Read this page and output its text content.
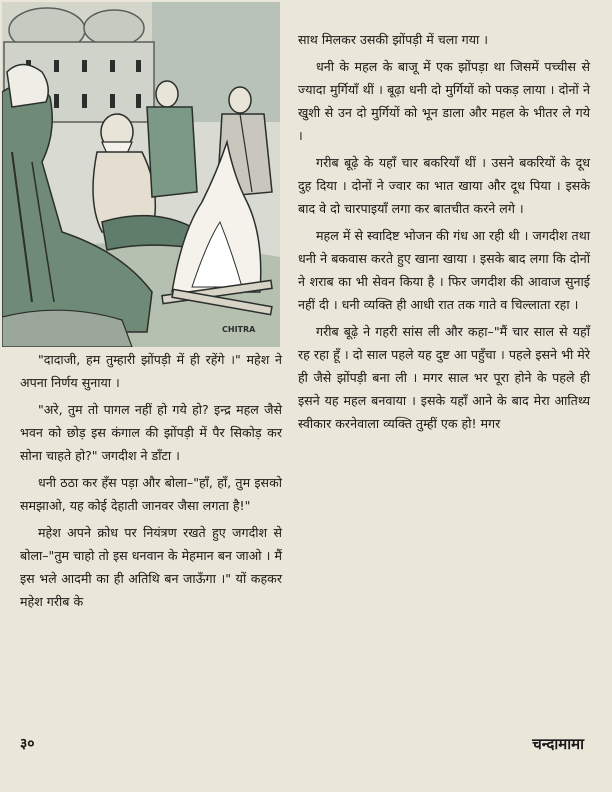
CHITRA

साथ मिलकर उसकी झोंपड़ी में चला गया ।

धनी के महल के बाजू में एक झोंपड़ा था जिसमें पच्चीस से ज्यादा मुर्गियाँ थीं । बूढ़ा धनी दो मुर्गियों को पकड़ लाया । दोनों ने खुशी से उन दो मुर्गियों को भून डाला और महल के भीतर ले गये ।

गरीब बूढ़े के यहाँ चार बकरियाँ थीं । उसने बकरियों के दूध दुह दिया । दोनों ने ज्वार का भात खाया और दूध पिया । इसके बाद वे दो चारपाइयाँ लगा कर बातचीत करने लगे ।

महल में से स्वादिष्ट भोजन की गंध आ रही थी । जगदीश तथा धनी ने बकवास करते हुए खाना खाया । इसके बाद लगा कि दोनों ने शराब का भी सेवन किया है । फिर जगदीश की आवाज सुनाई नहीं दी । धनी व्यक्ति ही आधी रात तक गाते व चिल्लाता रहा ।

गरीब बूढ़े ने गहरी सांस ली और कहा–"मैं चार साल से यहाँ रह रहा हूँ । दो साल पहले यह दुष्ट आ पहुँचा । पहले इसने भी मेरे ही जैसे झोंपड़ी बना ली । मगर साल भर पूरा होने के पहले ही इसने यह महल बनवाया । इसके यहाँ आने के बाद मेरा आतिथ्य स्वीकार करनेवाला व्यक्ति तुम्हीं एक हो! मगर

"दादाजी, हम तुम्हारी झोंपड़ी में ही रहेंगे ।" महेश ने अपना निर्णय सुनाया ।

"अरे, तुम तो पागल नहीं हो गये हो? इन्द्र महल जैसे भवन को छोड़ इस कंगाल की झोंपड़ी में पैर सिकोड़ कर सोना चाहते हो?" जगदीश ने डाँटा ।

धनी ठठा कर हँस पड़ा और बोला–"हाँ, हाँ, तुम इसको समझाओ, यह कोई देहाती जानवर जैसा लगता है!"

महेश अपने क्रोध पर नियंत्रण रखते हुए जगदीश से बोला–"तुम चाहो तो इस धनवान के मेहमान बन जाओ । मैं इस भले आदमी का ही अतिथि बन जाऊँगा ।" यों कहकर महेश गरीब के

३०	चन्दामामा
